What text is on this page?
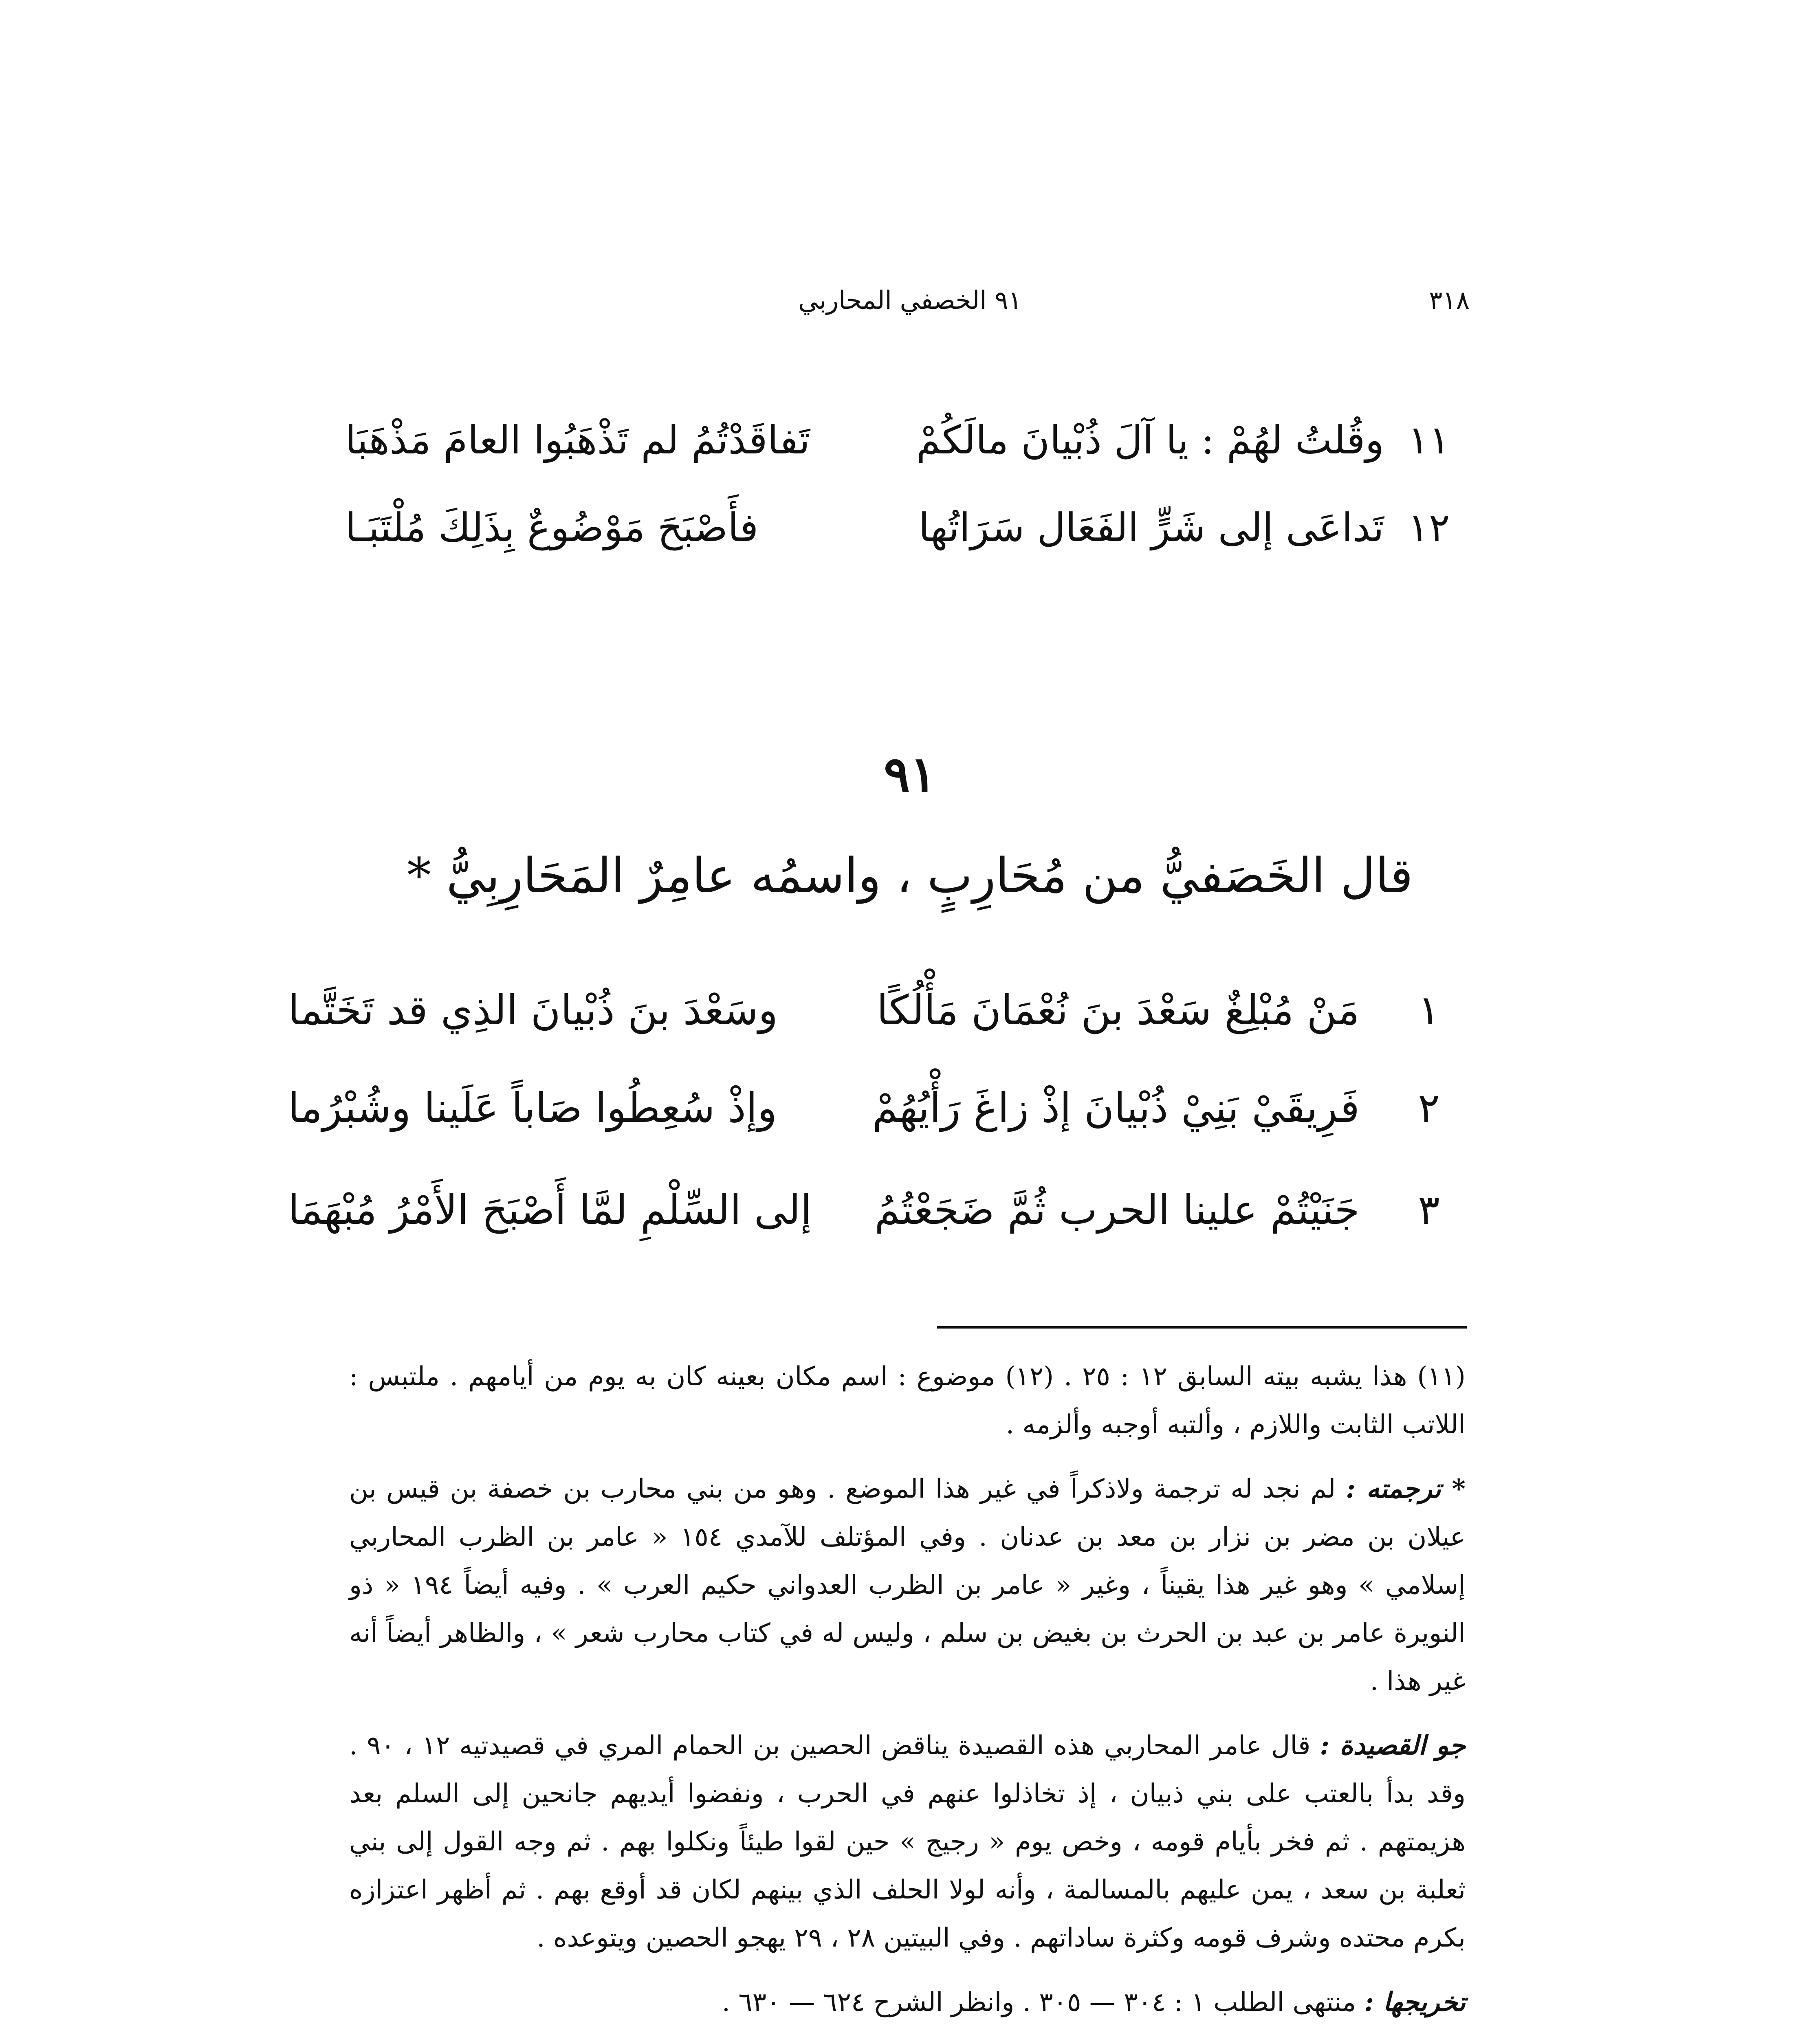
٣١٨
٩١ الخصفي المحاربي
١١
وقُلتُ لهُمْ : يا آلَ ذُبْيانَ مالَكُمْ
تَفاقَدْتُمُ لم تَذْهَبُوا العامَ مَذْهَبَا
١٢
تَداعَى إلى شَرٍّ الفَعَال سَرَاتُها
فأَصْبَحَ مَوْضُوعٌ بِذَلِكَ مُلْتَبَـا
٩١
قال الخَصَفيُّ من مُحَارِبٍ ، واسمُه عامِرٌ المَحَارِبِيُّ *
١
مَنْ مُبْلِغٌ سَعْدَ بنَ نُعْمَانَ مَأْلُكًا
وسَعْدَ بنَ ذُبْيانَ الذِي قد تَخَتَّما
٢
فَرِيقَيْ بَنِيْ ذُبْيانَ إذْ زاغَ رَأْيُهُمْ
وإذْ سُعِطُوا صَاباً عَلَينا وشُبْرُما
٣
جَنَيْتُمْ علينا الحرب ثُمَّ ضَجَعْتُمُ
إلى السِّلْمِ لمَّا أَصْبَحَ الأَمْرُ مُبْهَمَا

(١١) هذا يشبه بيته السابق ١٢ : ٢٥ . (١٢) موضوع : اسم مكان بعينه كان به يوم من أيامهم . ملتبس : اللاتب الثابت واللازم ، وألتبه أوجبه وألزمه .

* ترجمته : لم نجد له ترجمة ولاذكراً في غير هذا الموضع . وهو من بني محارب بن خصفة بن قيس بن عيلان بن مضر بن نزار بن معد بن عدنان . وفي المؤتلف للآمدي ١٥٤ « عامر بن الظرب المحاربي إسلامي » وهو غير هذا يقيناً ، وغير « عامر بن الظرب العدواني حكيم العرب » . وفيه أيضاً ١٩٤ « ذو النويرة عامر بن عبد بن الحرث بن بغيض بن سلم ، وليس له في كتاب محارب شعر » ، والظاهر أيضاً أنه غير هذا .

جو القصيدة : قال عامر المحاربي هذه القصيدة يناقض الحصين بن الحمام المري في قصيدتيه ١٢ ، ٩٠ . وقد بدأ بالعتب على بني ذبيان ، إذ تخاذلوا عنهم في الحرب ، ونفضوا أيديهم جانحين إلى السلم بعد هزيمتهم . ثم فخر بأيام قومه ، وخص يوم « رجيج » حين لقوا طيئاً ونكلوا بهم . ثم وجه القول إلى بني ثعلبة بن سعد ، يمن عليهم بالمسالمة ، وأنه لولا الحلف الذي بينهم لكان قد أوقع بهم . ثم أظهر اعتزازه بكرم محتده وشرف قومه وكثرة ساداتهم . وفي البيتين ٢٨ ، ٢٩ يهجو الحصين ويتوعده .

تخريجها : منتهى الطلب ١ : ٣٠٤ — ٣٠٥ . وانظر الشرح ٦٢٤ — ٦٣٠ .
